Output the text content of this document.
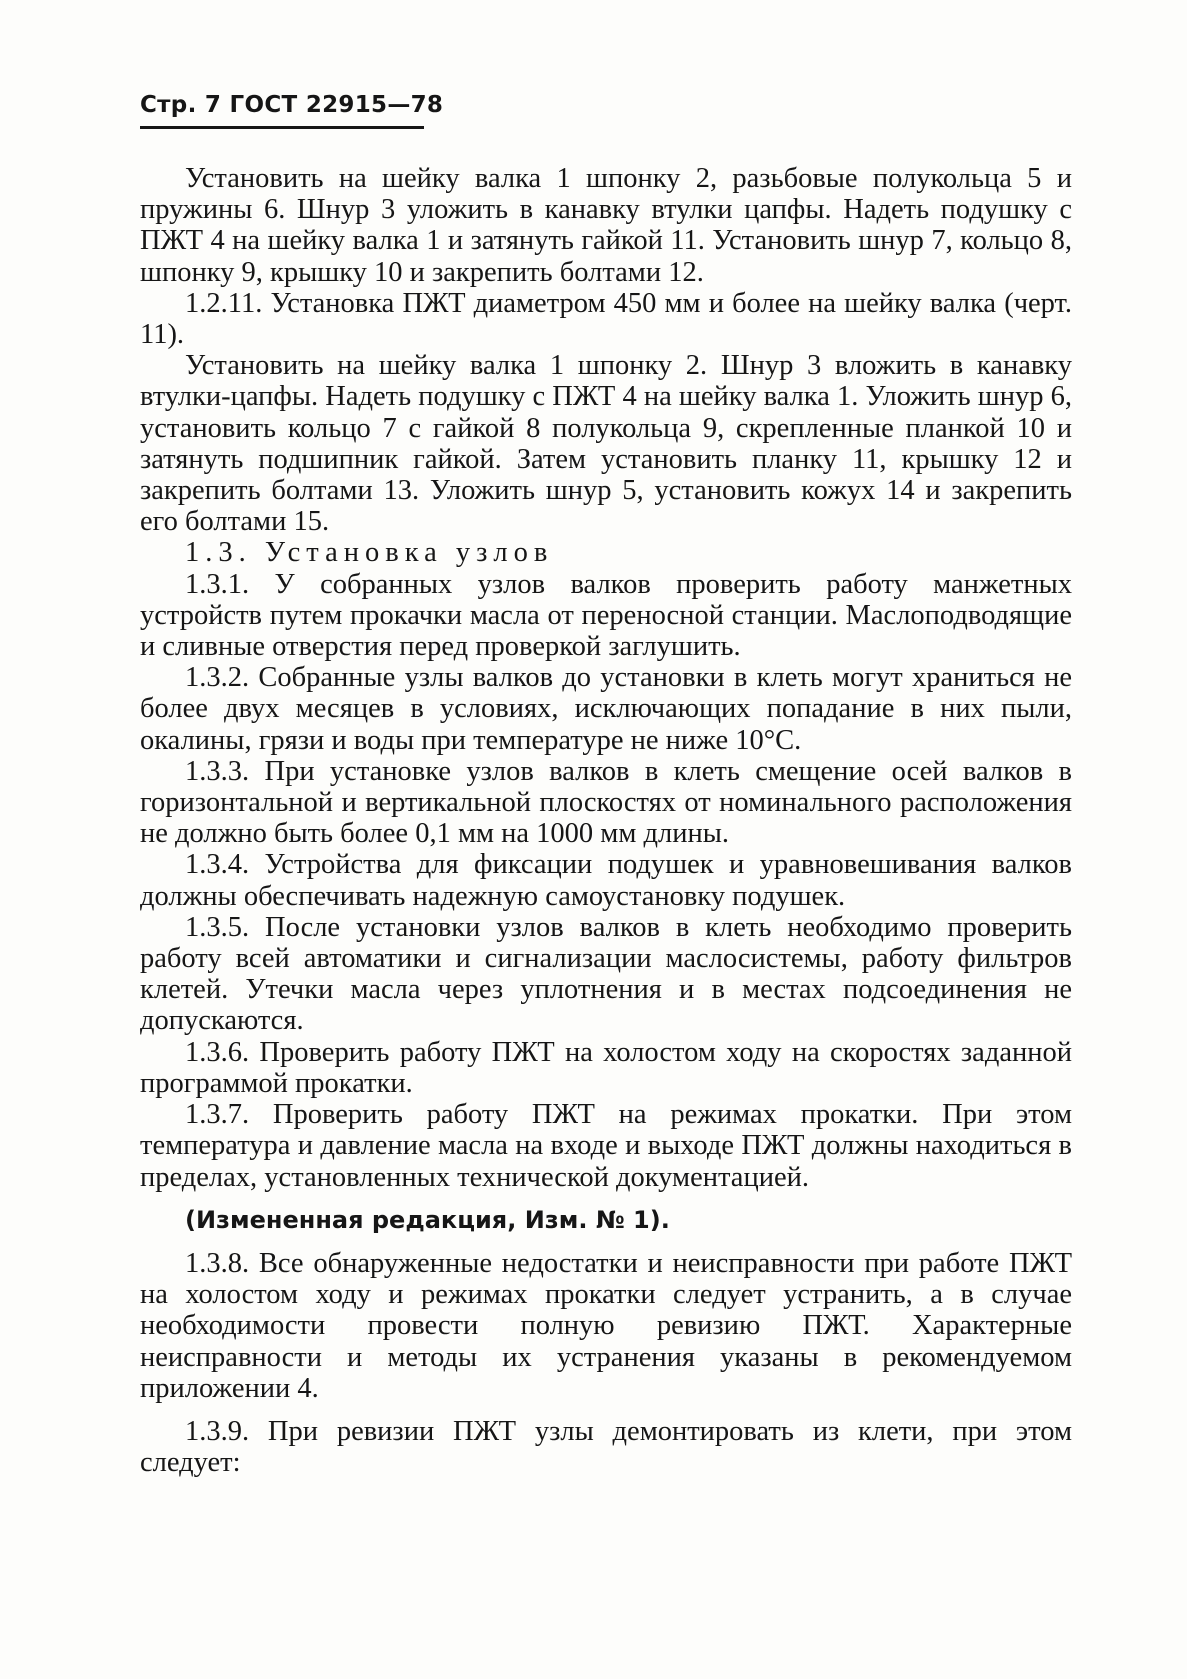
Стр. 7 ГОСТ 22915—78

Установить на шейку валка 1 шпонку 2, разьбовые полукольца 5 и пружины 6. Шнур 3 уложить в канавку втулки цапфы. Надеть подушку с ПЖТ 4 на шейку валка 1 и затянуть гайкой 11. Установить шнур 7, кольцо 8, шпонку 9, крышку 10 и закрепить болтами 12.

1.2.11. Установка ПЖТ диаметром 450 мм и более на шейку валка (черт. 11).

Установить на шейку валка 1 шпонку 2. Шнур 3 вложить в канавку втулки-цапфы. Надеть подушку с ПЖТ 4 на шейку валка 1. Уложить шнур 6, установить кольцо 7 с гайкой 8 полукольца 9, скрепленные планкой 10 и затянуть подшипник гайкой. Затем установить планку 11, крышку 12 и закрепить болтами 13. Уложить шнур 5, установить кожух 14 и закрепить его болтами 15.

1.3. Установка узлов

1.3.1. У собранных узлов валков проверить работу манжетных устройств путем прокачки масла от переносной станции. Маслоподводящие и сливные отверстия перед проверкой заглушить.

1.3.2. Собранные узлы валков до установки в клеть могут храниться не более двух месяцев в условиях, исключающих попадание в них пыли, окалины, грязи и воды при температуре не ниже 10°С.

1.3.3. При установке узлов валков в клеть смещение осей валков в горизонтальной и вертикальной плоскостях от номинального расположения не должно быть более 0,1 мм на 1000 мм длины.

1.3.4. Устройства для фиксации подушек и уравновешивания валков должны обеспечивать надежную самоустановку подушек.

1.3.5. После установки узлов валков в клеть необходимо проверить работу всей автоматики и сигнализации маслосистемы, работу фильтров клетей. Утечки масла через уплотнения и в местах подсоединения не допускаются.

1.3.6. Проверить работу ПЖТ на холостом ходу на скоростях заданной программой прокатки.

1.3.7. Проверить работу ПЖТ на режимах прокатки. При этом температура и давление масла на входе и выходе ПЖТ должны находиться в пределах, установленных технической документацией.

(Измененная редакция, Изм. № 1).

1.3.8. Все обнаруженные недостатки и неисправности при работе ПЖТ на холостом ходу и режимах прокатки следует устранить, а в случае необходимости провести полную ревизию ПЖТ. Характерные неисправности и методы их устранения указаны в рекомендуемом приложении 4.

1.3.9. При ревизии ПЖТ узлы демонтировать из клети, при этом следует:
